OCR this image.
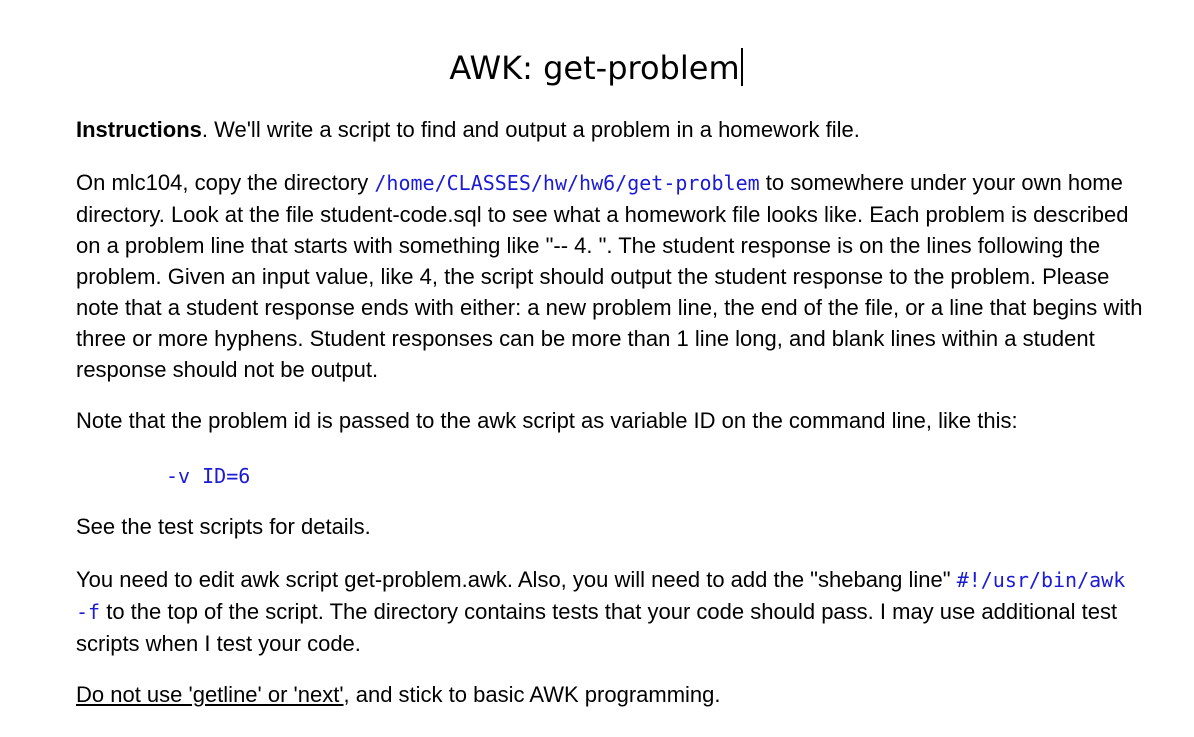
AWK: get-problem

Instructions. We'll write a script to find and output a problem in a homework file.

On mlc104, copy the directory /home/CLASSES/hw/hw6/get-problem to somewhere under your own home directory. Look at the file student-code.sql to see what a homework file looks like. Each problem is described on a problem line that starts with something like "-- 4. ". The student response is on the lines following the problem. Given an input value, like 4, the script should output the student response to the problem. Please note that a student response ends with either: a new problem line, the end of the file, or a line that begins with three or more hyphens. Student responses can be more than 1 line long, and blank lines within a student response should not be output.

Note that the problem id is passed to the awk script as variable ID on the command line, like this:

-v ID=6

See the test scripts for details.

You need to edit awk script get-problem.awk. Also, you will need to add the "shebang line" #!/usr/bin/awk -f to the top of the script. The directory contains tests that your code should pass. I may use additional test scripts when I test your code.

Do not use 'getline' or 'next', and stick to basic AWK programming.
